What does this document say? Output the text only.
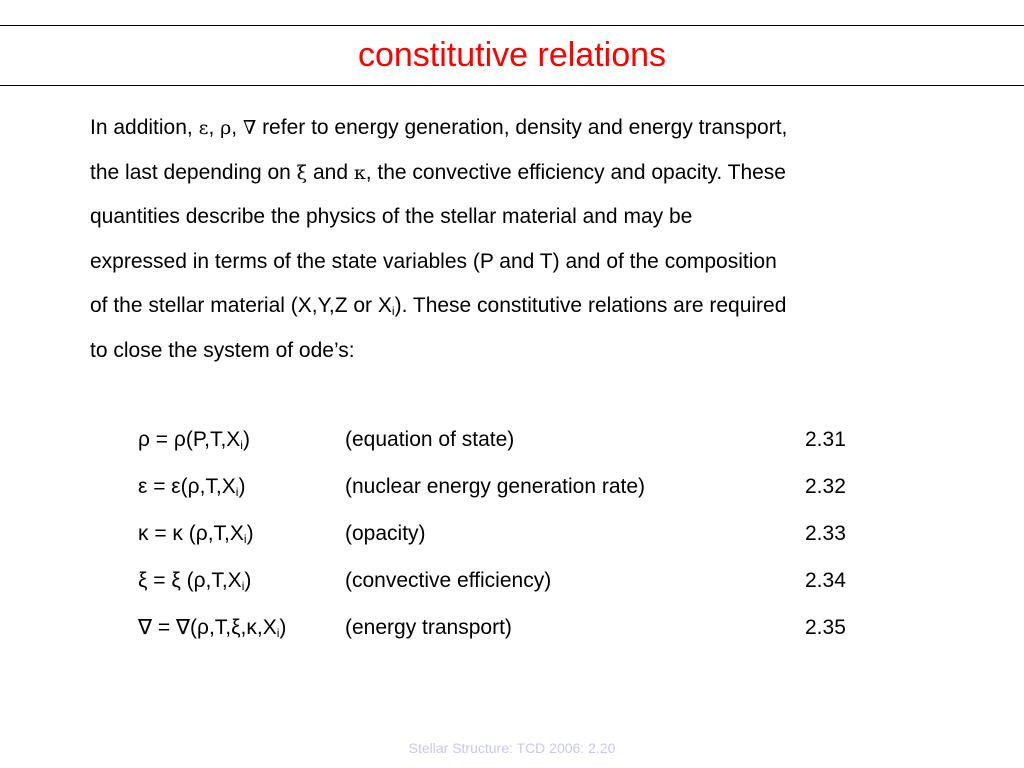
constitutive relations
In addition, ε, ρ, ∇ refer to energy generation, density and energy transport,
the last depending on ξ and κ, the convective efficiency and opacity. These
quantities describe the physics of the stellar material and may be
expressed in terms of the state variables (P and T) and of the composition
of the stellar material (X,Y,Z or $X_i$). These constitutive relations are required
to close the system of ode’s:
$\rho = \rho(P,T,X_i)$	(equation of state)	2.31
$\varepsilon = \varepsilon(\rho,T,X_i)$	(nuclear energy generation rate)	2.32
κ = κ $(\rho,T,X_i)$	(opacity)	2.33
ξ = ξ $(\rho,T,X_i)$	(convective efficiency)	2.34
∇ = $\nabla(\rho,T,\xi,\kappa,X_i)$	(energy transport)	2.35
Stellar Structure: TCD 2006: 2.20
